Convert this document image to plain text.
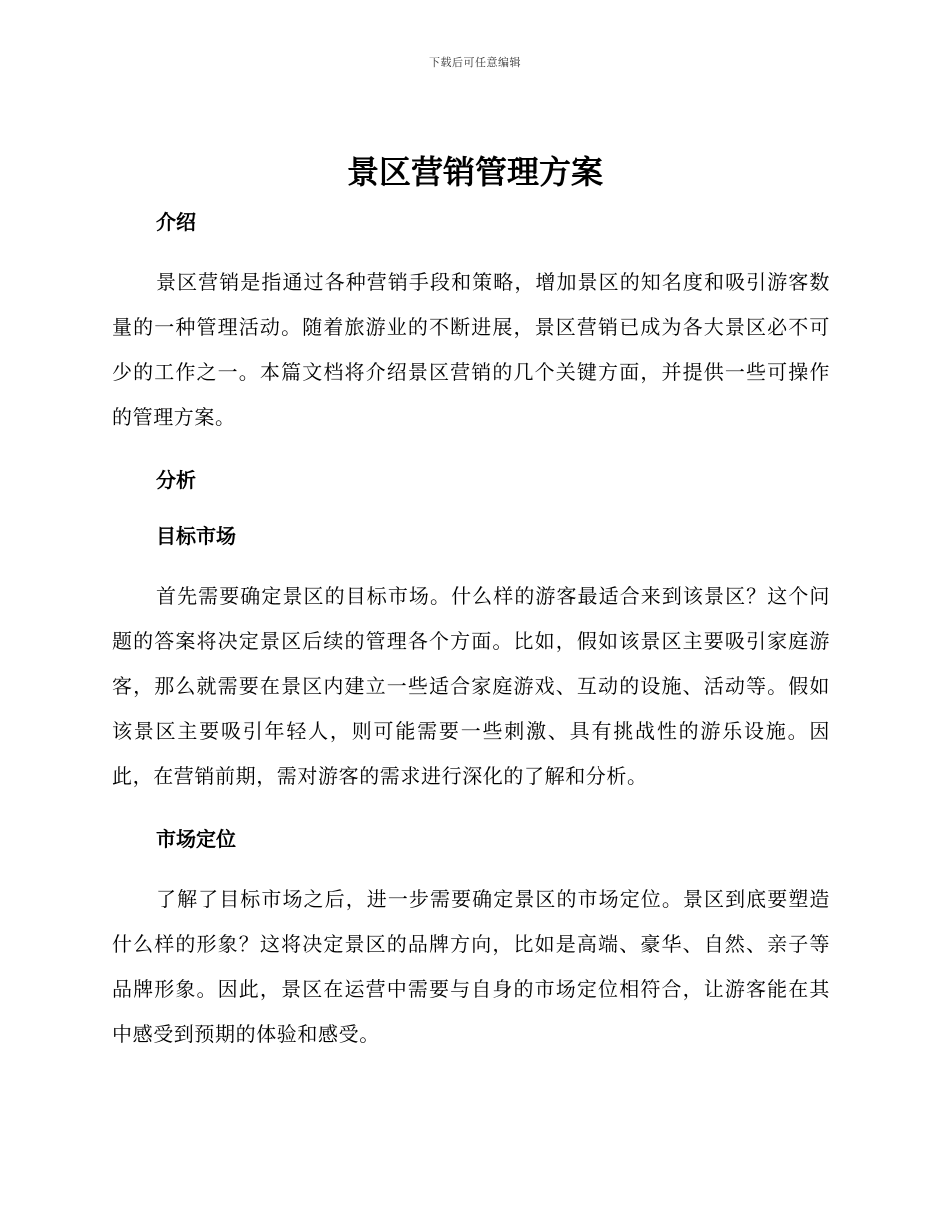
下载后可任意编辑
景区营销管理方案
介绍

景区营销是指通过各种营销手段和策略，增加景区的知名度和吸引游客数量的一种管理活动。随着旅游业的不断进展，景区营销已成为各大景区必不可少的工作之一。本篇文档将介绍景区营销的几个关键方面，并提供一些可操作的管理方案。

分析
目标市场

首先需要确定景区的目标市场。什么样的游客最适合来到该景区？这个问题的答案将决定景区后续的管理各个方面。比如，假如该景区主要吸引家庭游客，那么就需要在景区内建立一些适合家庭游戏、互动的设施、活动等。假如该景区主要吸引年轻人，则可能需要一些刺激、具有挑战性的游乐设施。因此，在营销前期，需对游客的需求进行深化的了解和分析。

市场定位

了解了目标市场之后，进一步需要确定景区的市场定位。景区到底要塑造什么样的形象？这将决定景区的品牌方向，比如是高端、豪华、自然、亲子等品牌形象。因此，景区在运营中需要与自身的市场定位相符合，让游客能在其中感受到预期的体验和感受。
